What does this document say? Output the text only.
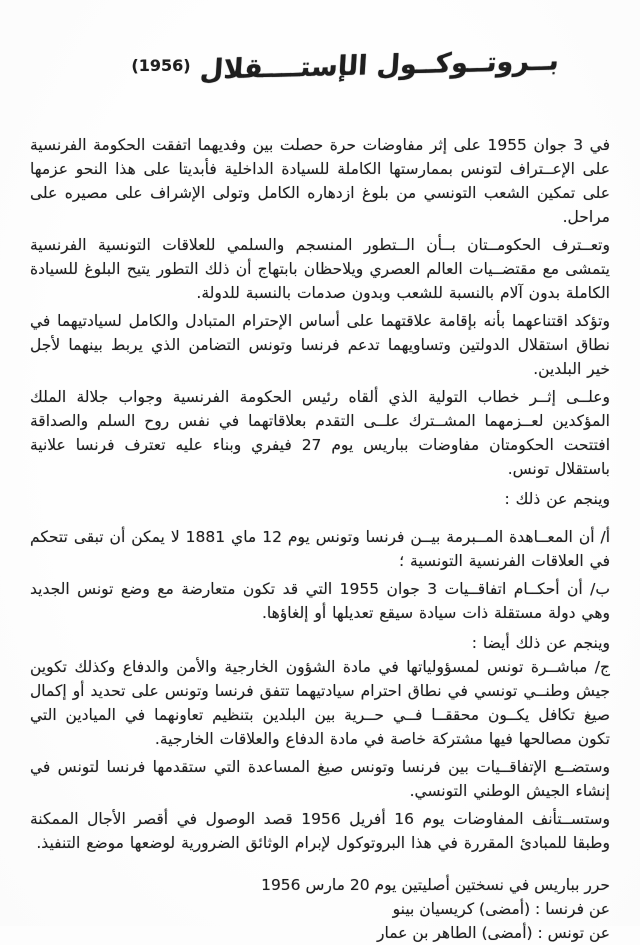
بــروتــوكــول الإستــــقلال (1956)

في 3 جوان 1955 على إثر مفاوضات حرة حصلت بين وفديهما اتفقت الحكومة الفرنسية على الإعــتراف لتونس بممارستها الكاملة للسيادة الداخلية فأبديتا على هذا النحو عزمها على تمكين الشعب التونسي من بلوغ ازدهاره الكامل وتولى الإشراف على مصيره على مراحل.

وتعــترف الحكومــتان بــأن الــتطور المنسجم والسلمي للعلاقات التونسية الفرنسية يتمشى مع مقتضــيات العالم العصري ويلاحظان بابتهاج أن ذلك التطور يتيح البلوغ للسيادة الكاملة بدون آلام بالنسبة للشعب وبدون صدمات بالنسبة للدولة.

وتؤكد اقتناعهما بأنه بإقامة علاقتهما على أساس الإحترام المتبادل والكامل لسيادتيهما في نطاق استقلال الدولتين وتساويهما تدعم فرنسا وتونس التضامن الذي يربط بينهما لأجل خير البلدين.

وعلــى إثــر خطاب التولية الذي ألقاه رئيس الحكومة الفرنسية وجواب جلالة الملك المؤكدين لعــزمهما المشــترك علــى التقدم بعلاقاتهما في نفس روح السلم والصداقة افتتحت الحكومتان مفاوضات بباريس يوم 27 فيفري وبناء عليه تعترف فرنسا علانية باستقلال تونس.

وينجم عن ذلك :

أ/ أن المعــاهدة المــبرمة بيــن فرنسا وتونس يوم 12 ماي 1881 لا يمكن أن تبقى تتحكم في العلاقات الفرنسية التونسية ؛

ب/ أن أحكــام اتفاقــيات 3 جوان 1955 التي قد تكون متعارضة مع وضع تونس الجديد وهي دولة مستقلة ذات سيادة سيقع تعديلها أو إلغاؤها.

وينجم عن ذلك أيضا :

ج/ مباشــرة تونس لمسؤولياتها في مادة الشؤون الخارجية والأمن والدفاع وكذلك تكوين جيش وطنــي تونسي في نطاق احترام سيادتيهما تتفق فرنسا وتونس على تحديد أو إكمال صيغ تكافل يكــون محققــا فــي حــرية بين البلدين بتنظيم تعاونهما في الميادين التي تكون مصالحها فيها مشتركة خاصة في مادة الدفاع والعلاقات الخارجية.

وستضــع الإتفاقــيات بين فرنسا وتونس صيغ المساعدة التي ستقدمها فرنسا لتونس في إنشاء الجيش الوطني التونسي.

وستســتأنف المفاوضات يوم 16 أفريل 1956 قصد الوصول في أقصر الأجال الممكنة وطبقا للمبادئ المقررة في هذا البروتوكول لإبرام الوثائق الضرورية لوضعها موضع التنفيذ.

حرر بباريس في نسختين أصليتين يوم 20 مارس 1956

عن فرنسا : (أمضى) كريسيان بينو

عن تونس : (أمضى) الطاهر بن عمار
